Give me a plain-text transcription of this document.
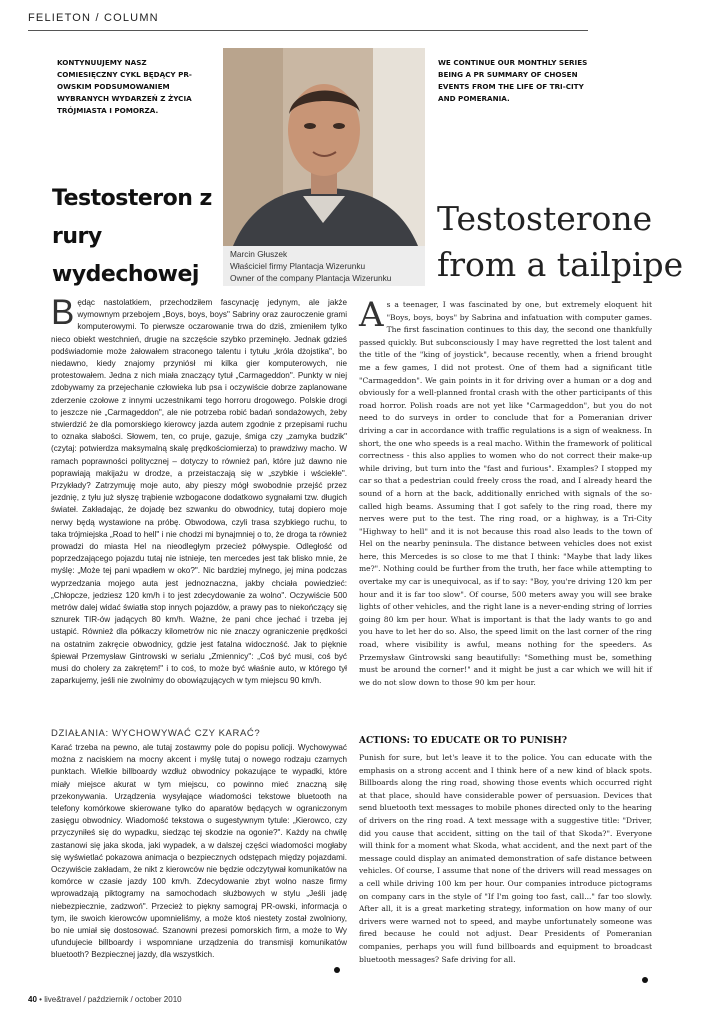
FELIETON / COLUMN
KONTYNUUJEMY NASZ COMIESIĘCZNY CYKL BĘDĄCY PR-OWSKIM PODSUMOWANIEM WYBRANYCH WYDARZEŃ Z ŻYCIA TRÓJMIASTA I POMORZA.
WE CONTINUE OUR MONTHLY SERIES BEING A PR SUMMARY OF CHOSEN EVENTS FROM THE LIFE OF TRI-CITY AND POMERANIA.
Marcin Głuszek
Właściciel firmy Plantacja Wizerunku
Owner of the company Plantacja Wizerunku
Testosteron z rury wydechowej
Testosterone from a tailpipe
Będąc nastolatkiem, przechodziłem fascynację jedynym, ale jakże wymownym przebojem „Boys, boys, boys" Sabriny oraz zauroczenie grami komputerowymi. To pierwsze oczarowanie trwa do dziś, zmieniłem tylko nieco obiekt westchnień, drugie na szczęście szybko przeminęło. Jednak gdzieś podświadomie może żałowałem straconego talentu i tytułu „króla dżojstika", bo niedawno, kiedy znajomy przyniósł mi kilka gier komputerowych, nie protestowałem. Jedna z nich miała znaczący tytuł „Carmageddon". Punkty w niej zdobywamy za przejechanie człowieka lub psa i oczywiście dobrze zaplanowane zderzenie czołowe z innymi uczestnikami tego horroru drogowego. Polskie drogi to jeszcze nie „Carmageddon", ale nie potrzeba robić badań sondażowych, żeby stwierdzić że dla pomorskiego kierowcy jazda autem zgodnie z przepisami ruchu to oznaka słabości. Słowem, ten, co pruje, gazuje, śmiga czy „zamyka budzik" (czytaj: potwierdza maksymalną skalę prędkościomierza) to prawdziwy macho. W ramach poprawności politycznej – dotyczy to również pań, które już dawno nie poprawiają makijażu w drodze, a przeistaczają się w „szybkie i wściekłe". Przykłady? Zatrzymuję moje auto, aby pieszy mógł swobodnie przejść przez jezdnię, z tyłu już słyszę trąbienie wzbogacone dodatkowo sygnałami tzw. długich świateł. Zakładając, że dojadę bez szwanku do obwodnicy, tutaj dopiero moje nerwy będą wystawione na próbę. Obwodowa, czyli trasa szybkiego ruchu, to taka trójmiejska „Road to hell" i nie chodzi mi bynajmniej o to, że droga ta również prowadzi do miasta Hel na nieodległym przecież półwyspie. Odległość od poprzedzającego pojazdu tutaj nie istnieje, ten mercedes jest tak blisko mnie, że myślę: „Może tej pani wpadłem w oko?". Nic bardziej mylnego, jej mina podczas wyprzedzania mojego auta jest jednoznaczna, jakby chciała powiedzieć: „Chłopcze, jedziesz 120 km/h i to jest zdecydowanie za wolno". Oczywiście 500 metrów dalej widać światła stop innych pojazdów, a prawy pas to niekończący się sznurek TIR-ów jadących 80 km/h. Ważne, że pani chce jechać i trzeba jej ustąpić. Również dla półkaczy kilometrów nic nie znaczy ograniczenie prędkości na ostatnim zakręcie obwodnicy, gdzie jest fatalna widoczność. Jak to pięknie śpiewał Przemysław Gintrowski w serialu „Zmiennicy": „Coś być musi, coś być musi do cholery za zakrętem!" i to coś, to może być właśnie auto, w którego tył zaparkujemy, jeśli nie zwolnimy do obowiązujących w tym miejscu 90 km/h.
DZIAŁANIA: WYCHOWYWAĆ CZY KARAĆ?
Karać trzeba na pewno, ale tutaj zostawmy pole do popisu policji. Wychowywać można z naciskiem na mocny akcent i myślę tutaj o nowego rodzaju czarnych punktach. Wielkie billboardy wzdłuż obwodnicy pokazujące te wypadki, które miały miejsce akurat w tym miejscu, co powinno mieć znaczną siłę przekonywania. Urządzenia wysyłające wiadomości tekstowe bluetooth na telefony komórkowe skierowane tylko do aparatów będących w ograniczonym zasięgu obwodnicy. Wiadomość tekstowa o sugestywnym tytule: „Kierowco, czy przyczyniłeś się do wypadku, siedząc tej skodzie na ogonie?". Każdy na chwilę zastanowi się jaka skoda, jaki wypadek, a w dalszej części wiadomości mogłaby się wyświetlać pokazowa animacja o bezpiecznych odstępach między pojazdami. Oczywiście zakładam, że nikt z kierowców nie będzie odczytywał komunikatów na komórce w czasie jazdy 100 km/h. Zdecydowanie zbyt wolno nasze firmy wprowadzają piktogramy na samochodach służbowych w stylu „Jeśli jadę niebezpiecznie, zadzwoń". Przecież to piękny samograj PR-owski, informacja o tym, ile swoich kierowców upomnieliśmy, a może ktoś niestety został zwolniony, bo nie umiał się dostosować. Szanowni prezesi pomorskich firm, a może to Wy ufundujecie billboardy i wspomniane urządzenia do transmisji komunikatów bluetooth? Bezpiecznej jazdy, dla wszystkich.
As a teenager, I was fascinated by one, but extremely eloquent hit "Boys, boys, boys" by Sabrina and infatuation with computer games. The first fascination continues to this day, the second one thankfully passed quickly. But subconsciously I may have regretted the lost talent and the title of the "king of joystick", because recently, when a friend brought me a few games, I did not protest. One of them had a significant title "Carmageddon". We gain points in it for driving over a human or a dog and obviously for a well-planned frontal crash with the other participants of this road horror. Polish roads are not yet like "Carmageddon", but you do not need to do surveys in order to conclude that for a Pomeranian driver driving a car in accordance with traffic regulations is a sign of weakness. In short, the one who speeds is a real macho. Within the framework of political correctness - this also applies to women who do not correct their make-up while driving, but turn into the "fast and furious". Examples? I stopped my car so that a pedestrian could freely cross the road, and I already heard the sound of a horn at the back, additionally enriched with signals of the so-called high beams. Assuming that I got safely to the ring road, there my nerves were put to the test. The ring road, or a highway, is a Tri-City "Highway to hell" and it is not because this road also leads to the town of Hel on the nearby peninsula. The distance between vehicles does not exist here, this Mercedes is so close to me that I think: "Maybe that lady likes me?". Nothing could be further from the truth, her face while attempting to overtake my car is unequivocal, as if to say: "Boy, you're driving 120 km per hour and it is far too slow". Of course, 500 meters away you will see brake lights of other vehicles, and the right lane is a never-ending string of lorries going 80 km per hour. What is important is that the lady wants to go and you have to let her do so. Also, the speed limit on the last corner of the ring road, where visibility is awful, means nothing for the speeders. As Przemysław Gintrowski sang beautifully: "Something must be, something must be around the corner!" and it might be just a car which we will hit if we do not slow down to those 90 km per hour.
ACTIONS: TO EDUCATE OR TO PUNISH?
Punish for sure, but let's leave it to the police. You can educate with the emphasis on a strong accent and I think here of a new kind of black spots. Billboards along the ring road, showing those events which occurred right at that place, should have considerable power of persuasion. Devices that send bluetooth text messages to mobile phones directed only to the hearing of drivers on the ring road. A text message with a suggestive title: "Driver, did you cause that accident, sitting on the tail of that Skoda?". Everyone will think for a moment what Skoda, what accident, and the next part of the message could display an animated demonstration of safe distance between vehicles. Of course, I assume that none of the drivers will read messages on a cell while driving 100 km per hour. Our companies introduce pictograms on company cars in the style of "If I'm going too fast, call..." far too slowly. After all, it is a great marketing strategy, information on how many of our drivers were warned not to speed, and maybe unfortunately someone was fired because he could not adjust. Dear Presidents of Pomeranian companies, perhaps you will fund billboards and equipment to broadcast bluetooth messages? Safe driving for all.
40 • live&travel / październik / october 2010
